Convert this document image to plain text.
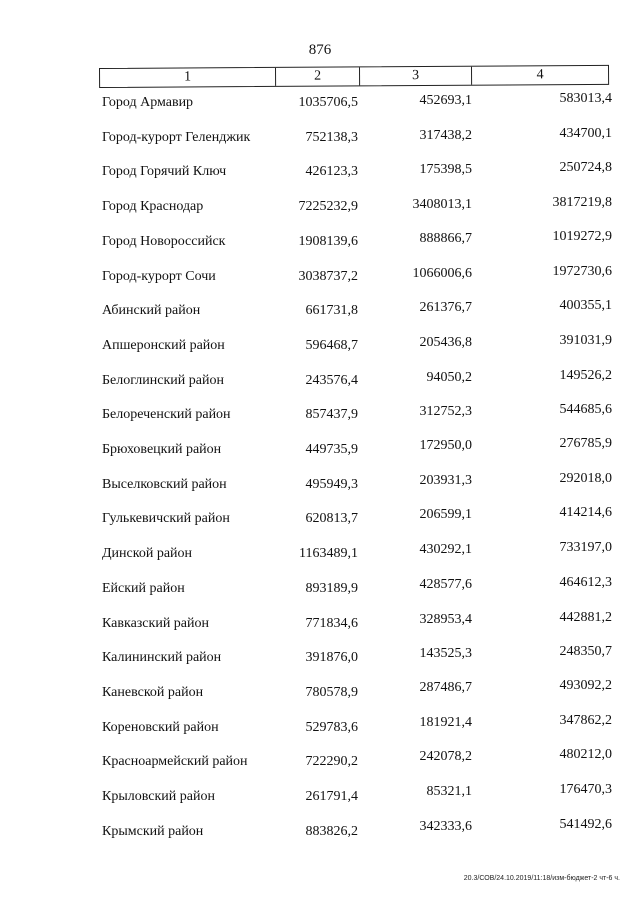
876
1	2	3	4
Город Армавир	1035706,5	452693,1	583013,4
Город-курорт Геленджик	752138,3	317438,2	434700,1
Город Горячий Ключ	426123,3	175398,5	250724,8
Город Краснодар	7225232,9	3408013,1	3817219,8
Город Новороссийск	1908139,6	888866,7	1019272,9
Город-курорт Сочи	3038737,2	1066006,6	1972730,6
Абинский район	661731,8	261376,7	400355,1
Апшеронский район	596468,7	205436,8	391031,9
Белоглинский район	243576,4	94050,2	149526,2
Белореченский район	857437,9	312752,3	544685,6
Брюховецкий район	449735,9	172950,0	276785,9
Выселковский район	495949,3	203931,3	292018,0
Гулькевичский район	620813,7	206599,1	414214,6
Динской район	1163489,1	430292,1	733197,0
Ейский район	893189,9	428577,6	464612,3
Кавказский район	771834,6	328953,4	442881,2
Калининский район	391876,0	143525,3	248350,7
Каневской район	780578,9	287486,7	493092,2
Кореновский район	529783,6	181921,4	347862,2
Красноармейский район	722290,2	242078,2	480212,0
Крыловский район	261791,4	85321,1	176470,3
Крымский район	883826,2	342333,6	541492,6
20.3/СОВ/24.10.2019/11:18/изм-бюджет-2 чт-6 ч.
